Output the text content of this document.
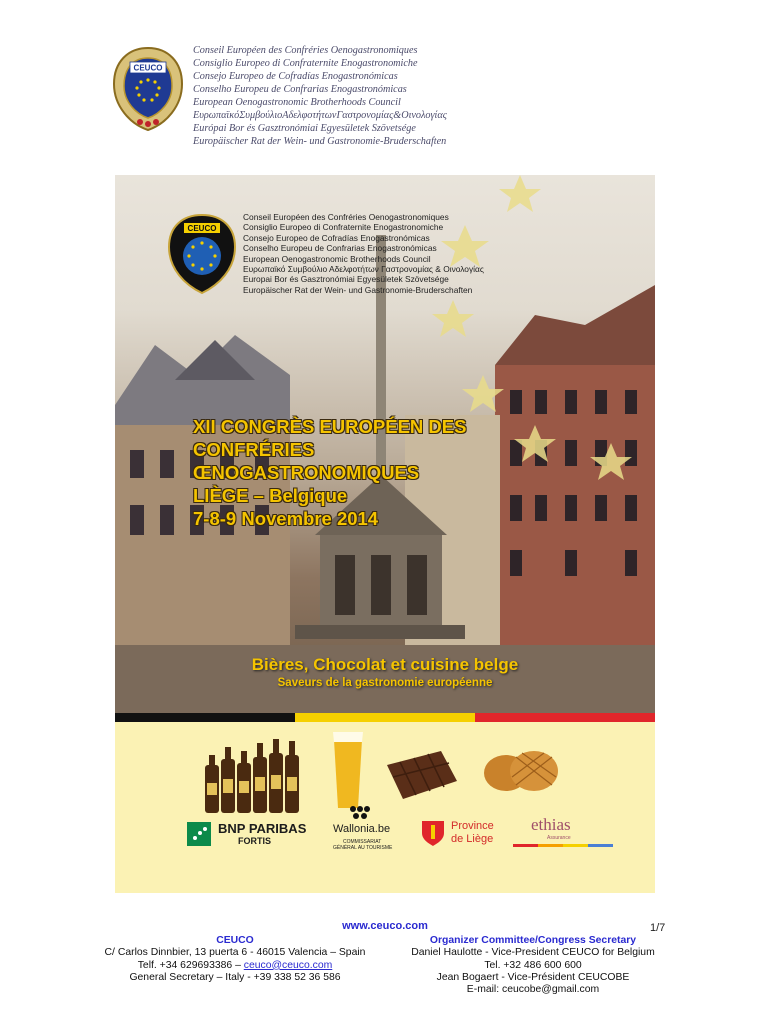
CEUCO
Conseil Européen des Confréries Oenogastronomiques
Consiglio Europeo di Confraternite Enogastronomiche
Consejo Europeo de Cofradías Enogastronómicas
Conselho Europeu de Confrarias Enogastronómicas
European Oenogastronomic Brotherhoods Council
ΕυρωπαϊκόΣυμβούλιοΑδελφοτήτωνΓαστρονομίας&Οινολογίας
Európai Bor és Gasztronómiai Egyesületek Szövetsége
Europäischer Rat der Wein- und Gastronomie-Bruderschaften
CEUCO
Conseil Européen des Confréries Oenogastronomiques
Consiglio Europeo di Confraternite Enogastronomiche
Consejo Europeo de Cofradías Enogastronómicas
Conselho Europeu de Confrarias Enogastronómicas
European Oenogastronomic Brotherhoods Council
Ευρωπαϊκό Συμβούλιο Αδελφοτήτων Γαστρονομίας & Οινολογίας
Europai Bor és Gasztronómiai Egyesületek Szövetsége
Europäischer Rat der Wein- und Gastronomie-Bruderschaften
XII CONGRÈS EUROPÉEN DES
CONFRÉRIES
ŒNOGASTRONOMIQUES
LIÈGE – Belgique
7-8-9 Novembre 2014
Bières, Chocolat et cuisine belge
Saveurs de la gastronomie européenne
BNP PARIBAS
FORTIS
Wallonia.be
COMMISSARIAT
GÉNÉRAL AU TOURISME
Province
de Liège
ethias
Assurance
www.ceuco.com	1/7
CEUCO
C/ Carlos Dinnbier, 13 puerta 6 - 46015 Valencia – Spain
Telf. +34 629693386 – ceuco@ceuco.com
General Secretary – Italy - +39 338 52 36 586
Organizer Committee/Congress Secretary
Daniel Haulotte - Vice-President CEUCO for Belgium
Tel. +32 486 600 600
Jean Bogaert - Vice-Président CEUCOBE
E-mail: ceucobe@gmail.com
